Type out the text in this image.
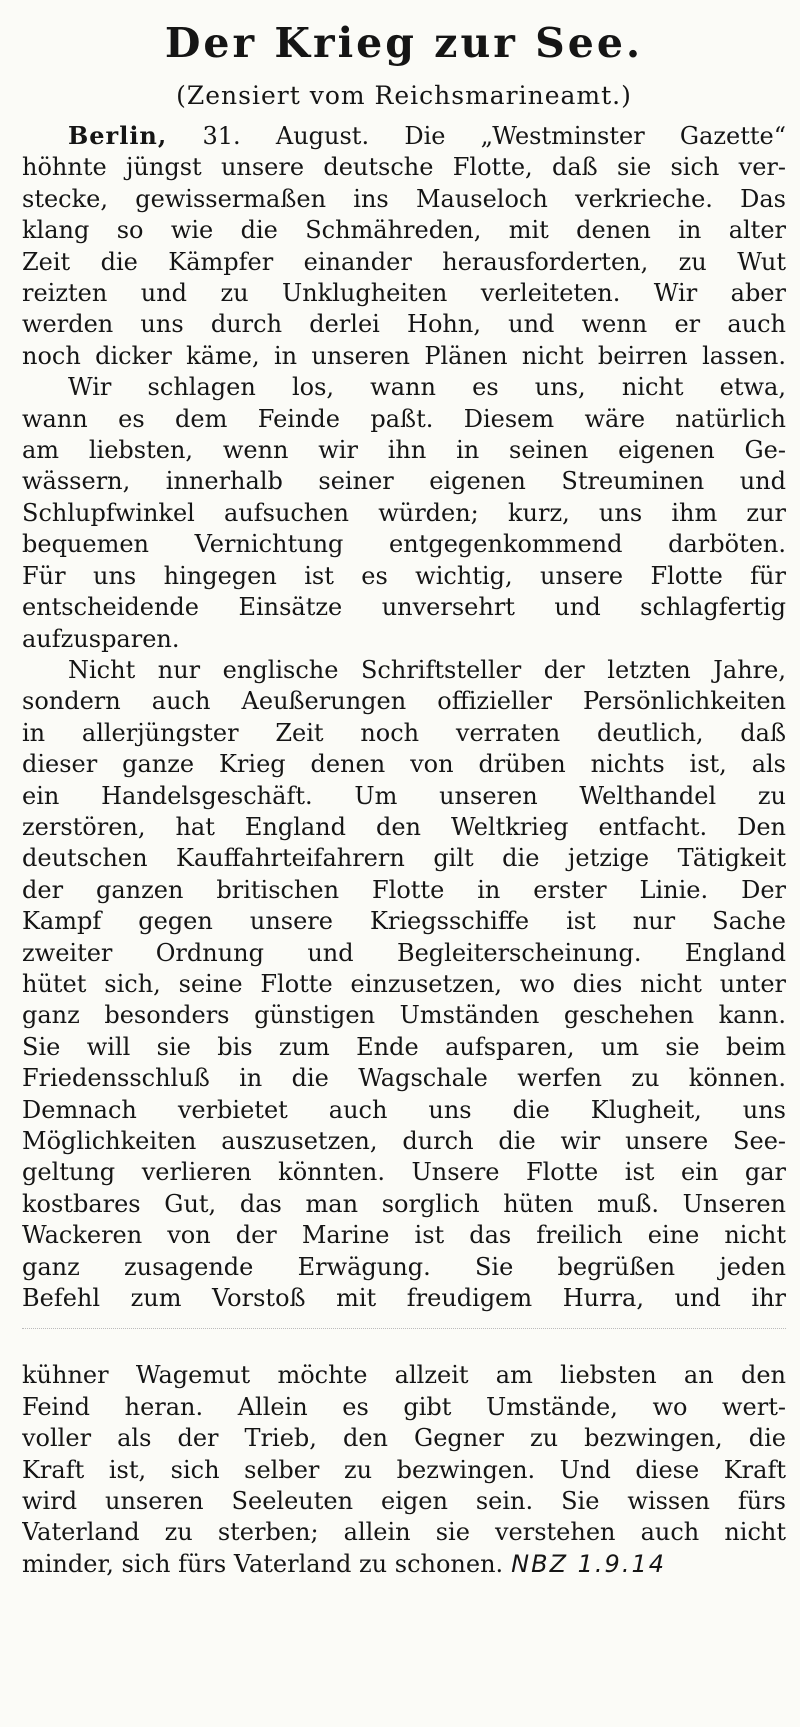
Der Krieg zur See.
(Zensiert vom Reichsmarineamt.)
Berlin, 31. August. Die „Westminster Gazette“
höhnte jüngst unsere deutsche Flotte, daß sie sich ver-
stecke, gewissermaßen ins Mauseloch verkrieche. Das
klang so wie die Schmähreden, mit denen in alter
Zeit die Kämpfer einander herausforderten, zu Wut
reizten und zu Unklugheiten verleiteten. Wir aber
werden uns durch derlei Hohn, und wenn er auch
noch dicker käme, in unseren Plänen nicht beirren lassen.
Wir schlagen los, wann es uns, nicht etwa,
wann es dem Feinde paßt. Diesem wäre natürlich
am liebsten, wenn wir ihn in seinen eigenen Ge-
wässern, innerhalb seiner eigenen Streuminen und
Schlupfwinkel aufsuchen würden; kurz, uns ihm zur
bequemen Vernichtung entgegenkommend darböten.
Für uns hingegen ist es wichtig, unsere Flotte für
entscheidende Einsätze unversehrt und schlagfertig
aufzusparen.
Nicht nur englische Schriftsteller der letzten Jahre,
sondern auch Aeußerungen offizieller Persönlichkeiten
in allerjüngster Zeit noch verraten deutlich, daß
dieser ganze Krieg denen von drüben nichts ist, als
ein Handelsgeschäft. Um unseren Welthandel zu
zerstören, hat England den Weltkrieg entfacht. Den
deutschen Kauffahrteifahrern gilt die jetzige Tätigkeit
der ganzen britischen Flotte in erster Linie. Der
Kampf gegen unsere Kriegsschiffe ist nur Sache
zweiter Ordnung und Begleiterscheinung. England
hütet sich, seine Flotte einzusetzen, wo dies nicht unter
ganz besonders günstigen Umständen geschehen kann.
Sie will sie bis zum Ende aufsparen, um sie beim
Friedensschluß in die Wagschale werfen zu können.
Demnach verbietet auch uns die Klugheit, uns
Möglichkeiten auszusetzen, durch die wir unsere See-
geltung verlieren könnten. Unsere Flotte ist ein gar
kostbares Gut, das man sorglich hüten muß. Unseren
Wackeren von der Marine ist das freilich eine nicht
ganz zusagende Erwägung. Sie begrüßen jeden
Befehl zum Vorstoß mit freudigem Hurra, und ihr
kühner Wagemut möchte allzeit am liebsten an den
Feind heran. Allein es gibt Umstände, wo wert-
voller als der Trieb, den Gegner zu bezwingen, die
Kraft ist, sich selber zu bezwingen. Und diese Kraft
wird unseren Seeleuten eigen sein. Sie wissen fürs
Vaterland zu sterben; allein sie verstehen auch nicht
minder, sich fürs Vaterland zu schonen. NBZ 1.9.14
